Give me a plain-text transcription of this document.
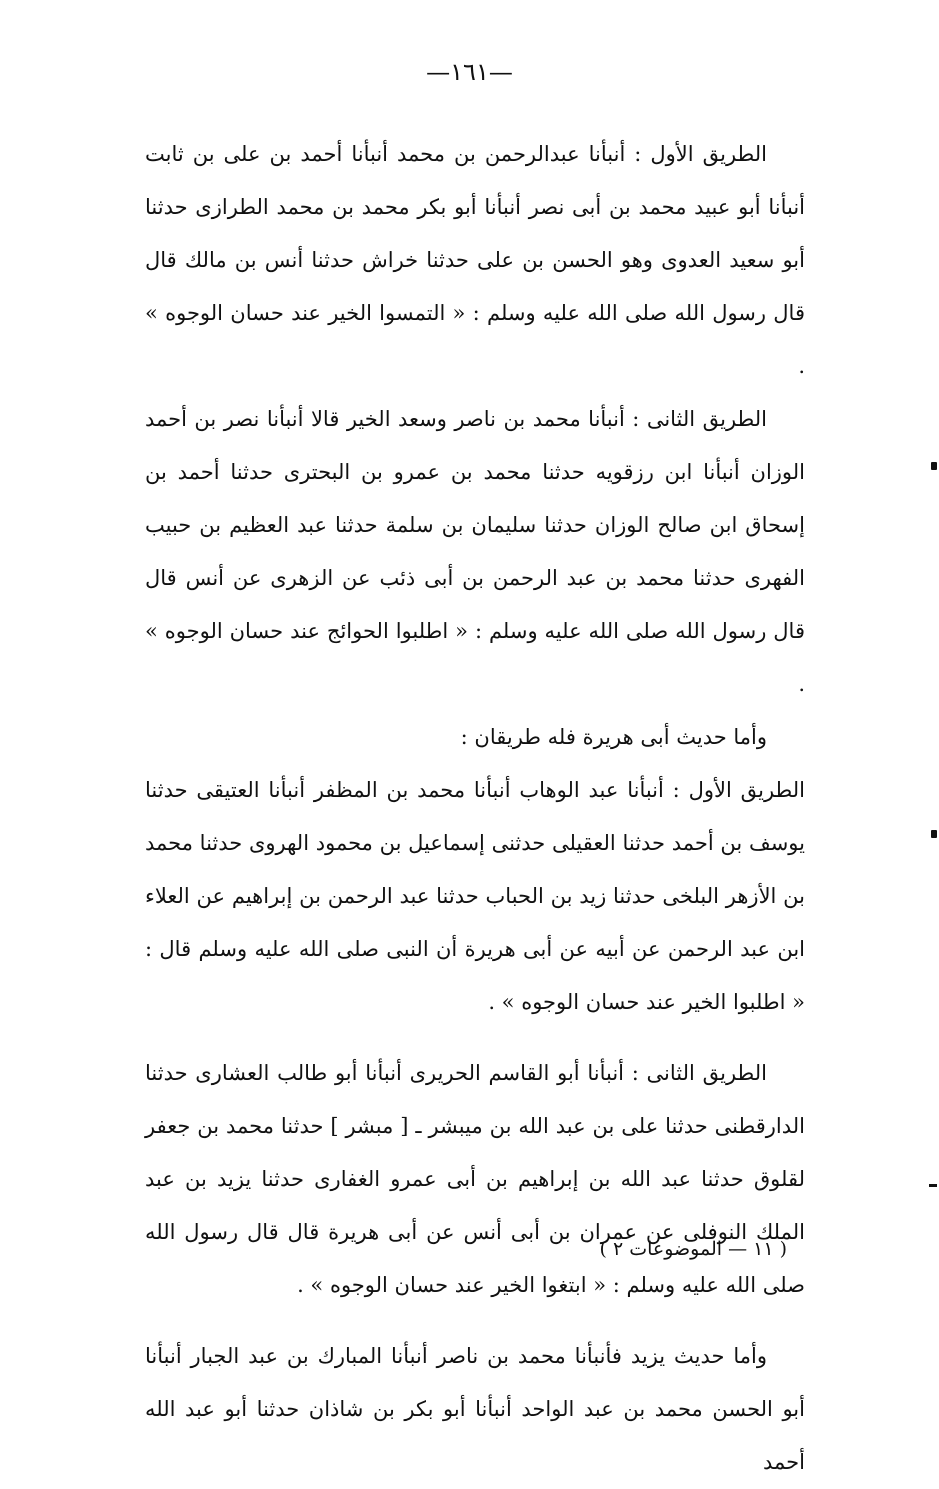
—١٦١—

الطريق الأول : أنبأنا عبدالرحمن بن محمد أنبأنا أحمد بن على بن ثابت أنبأنا أبو عبيد محمد بن أبى نصر أنبأنا أبو بكر محمد بن محمد الطرازى حدثنا أبو سعيد العدوى وهو الحسن بن على حدثنا خراش حدثنا أنس بن مالك قال قال رسول الله صلى الله عليه وسلم : « التمسوا الخير عند حسان الوجوه » .

الطريق الثانى : أنبأنا محمد بن ناصر وسعد الخير قالا أنبأنا نصر بن أحمد الوزان أنبأنا ابن رزقويه حدثنا محمد بن عمرو بن البحترى حدثنا أحمد بن إسحاق ابن صالح الوزان حدثنا سليمان بن سلمة حدثنا عبد العظيم بن حبيب الفهرى حدثنا محمد بن عبد الرحمن بن أبى ذئب عن الزهرى عن أنس قال قال رسول الله صلى الله عليه وسلم : « اطلبوا الحوائج عند حسان الوجوه » .

وأما حديث أبى هريرة فله طريقان :

الطريق الأول : أنبأنا عبد الوهاب أنبأنا محمد بن المظفر أنبأنا العتيقى حدثنا يوسف بن أحمد حدثنا العقيلى حدثنى إسماعيل بن محمود الهروى حدثنا محمد بن الأزهر البلخى حدثنا زيد بن الحباب حدثنا عبد الرحمن بن إبراهيم عن العلاء ابن عبد الرحمن عن أبيه عن أبى هريرة أن النبى صلى الله عليه وسلم قال : « اطلبوا الخير عند حسان الوجوه » .

الطريق الثانى : أنبأنا أبو القاسم الحريرى أنبأنا أبو طالب العشارى حدثنا الدارقطنى حدثنا على بن عبد الله بن ميبشر ـ [ مبشر ] حدثنا محمد بن جعفر لقلوق حدثنا عبد الله بن إبراهيم بن أبى عمرو الغفارى حدثنا يزيد بن عبد الملك النوفلى عن عمران بن أبى أنس عن أبى هريرة قال قال رسول الله صلى الله عليه وسلم : « ابتغوا الخير عند حسان الوجوه » .

وأما حديث يزيد فأنبأنا محمد بن ناصر أنبأنا المبارك بن عبد الجبار أنبأنا أبو الحسن محمد بن عبد الواحد أنبأنا أبو بكر بن شاذان حدثنا أبو عبد الله أحمد

( ١١ — الموضوعات ٢ )
